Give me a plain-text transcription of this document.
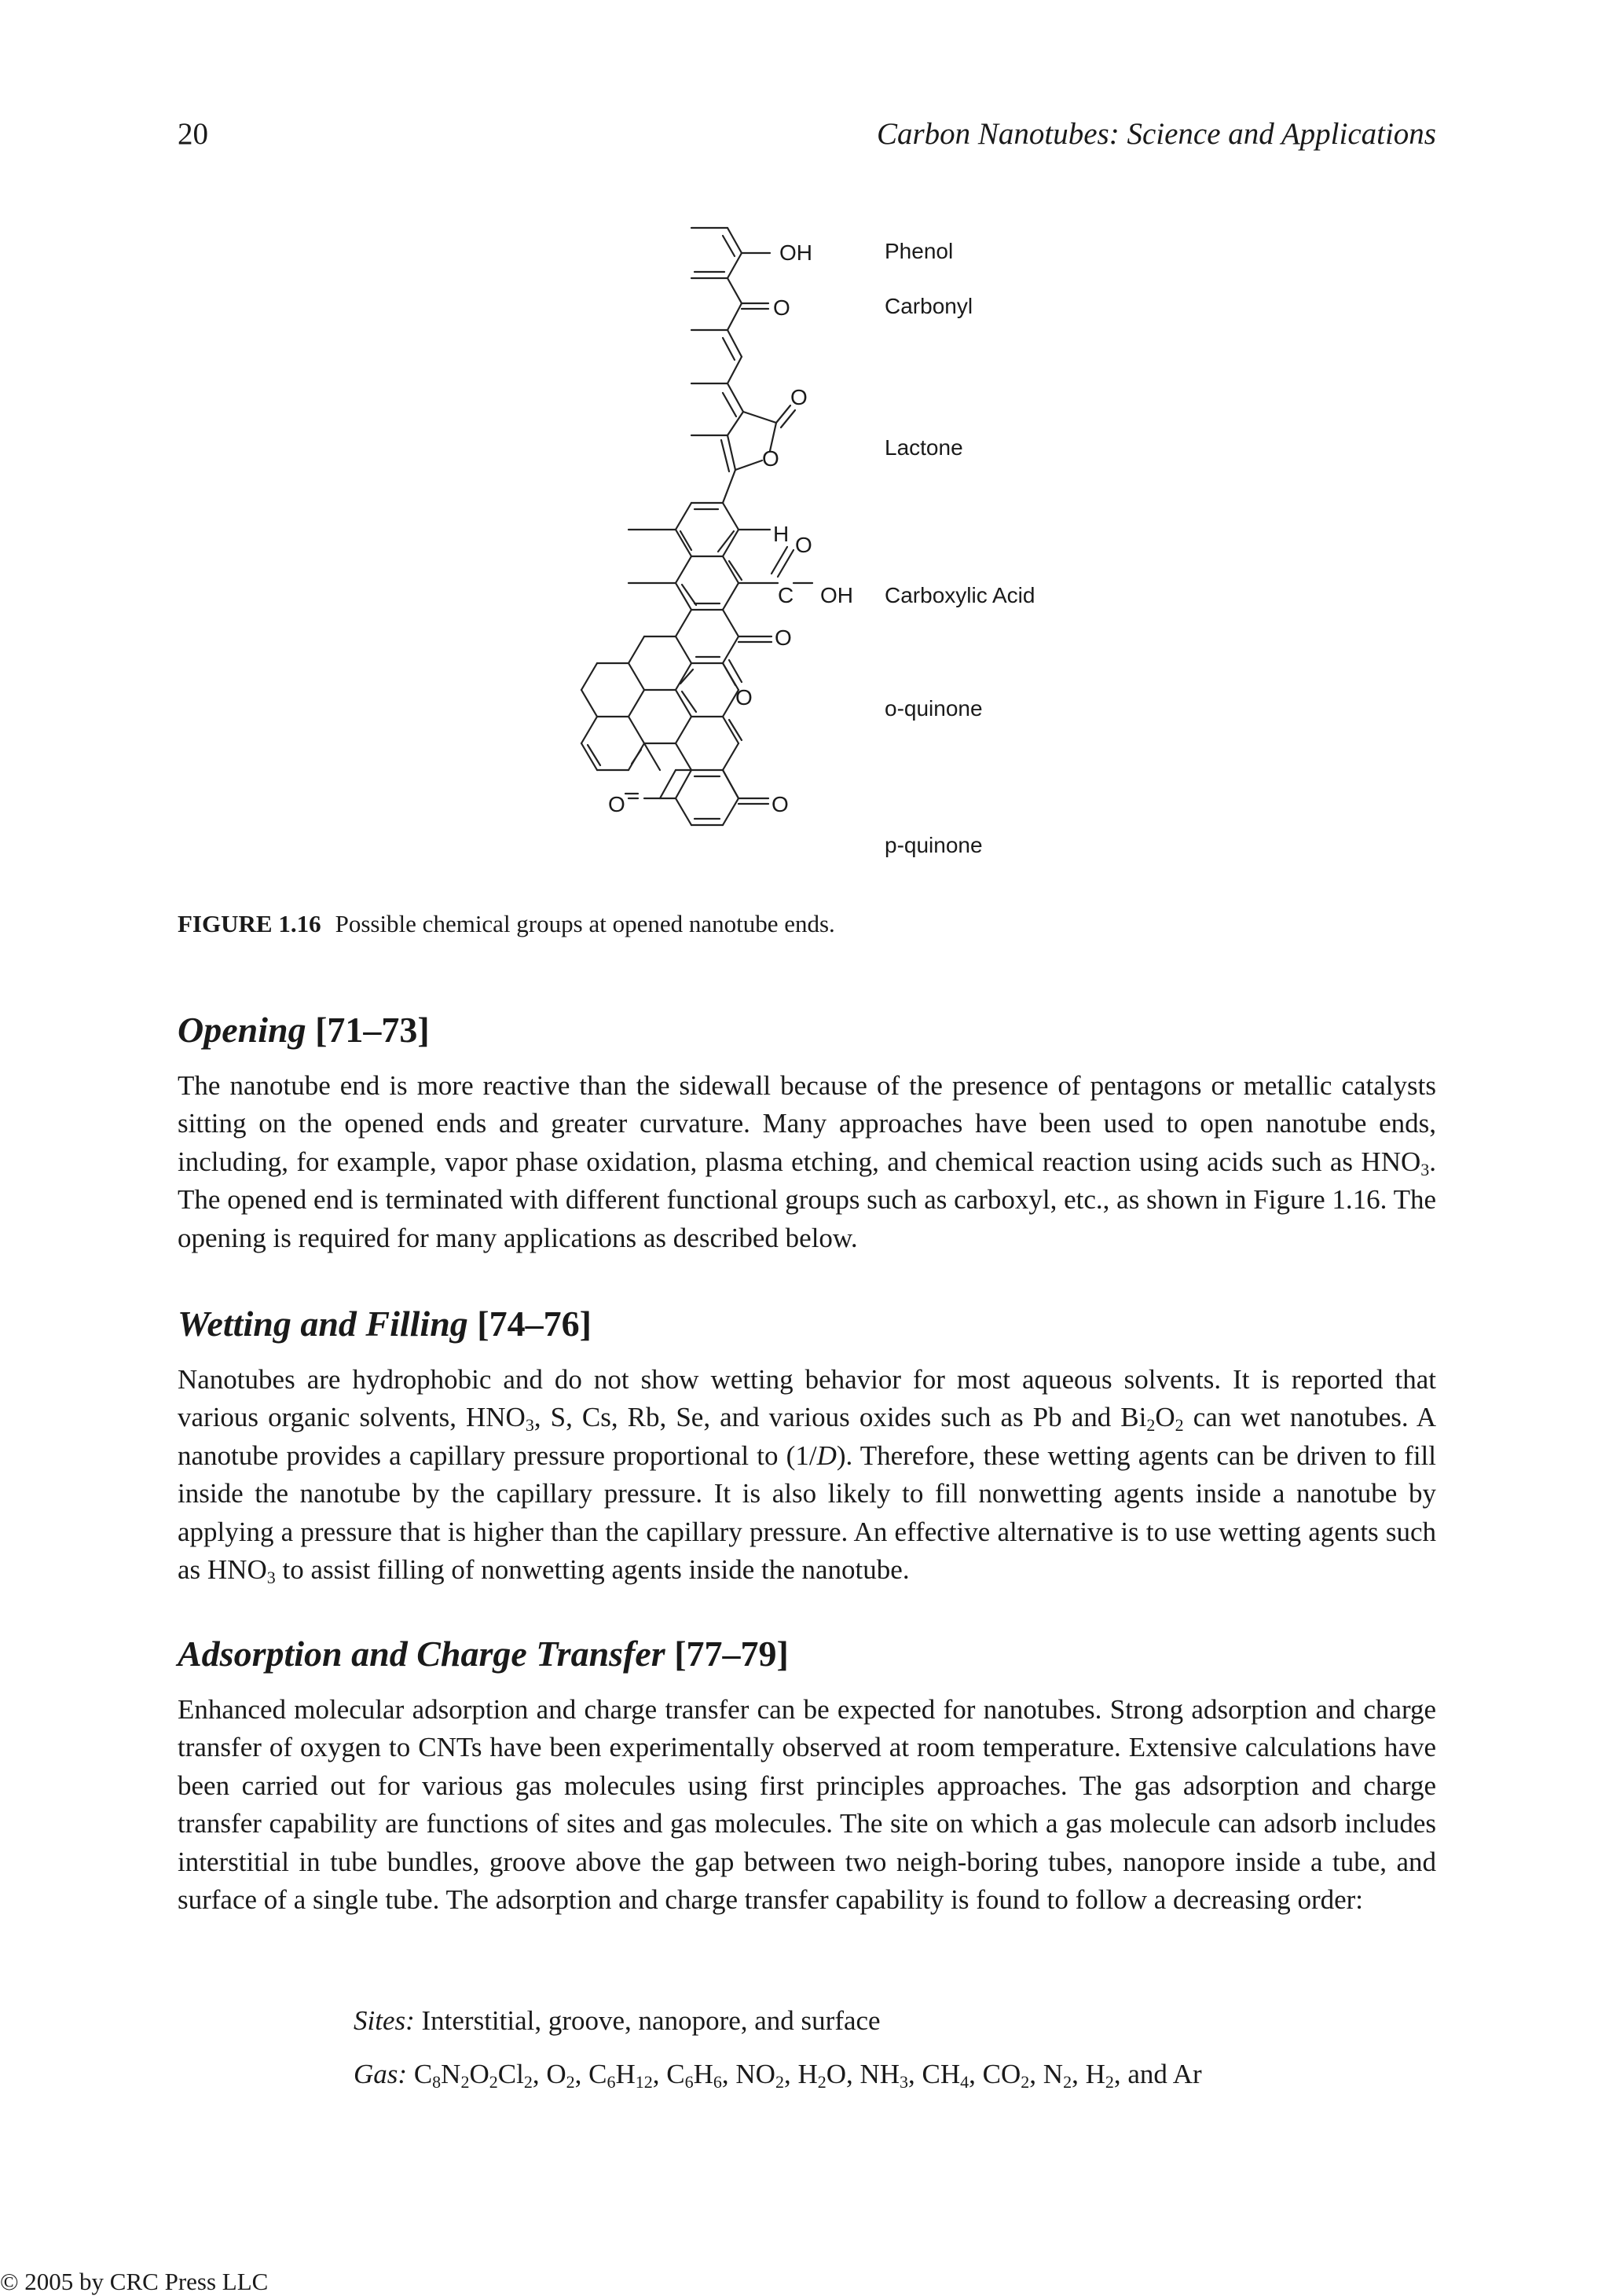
20	Carbon Nanotubes: Science and Applications
OH
O
O
O
H O
C OH
O
O
O	O
Phenol
Carbonyl
Lactone
Carboxylic Acid
o-quinone
p-quinone
FIGURE 1.16 Possible chemical groups at opened nanotube ends.
Opening [71–73]
The nanotube end is more reactive than the sidewall because of the presence of pentagons or metallic catalysts sitting on the opened ends and greater curvature. Many approaches have been used to open nanotube ends, including, for example, vapor phase oxidation, plasma etching, and chemical reaction using acids such as $HNO_3$. The opened end is terminated with different functional groups such as carboxyl, etc., as shown in Figure 1.16. The opening is required for many applications as described below.
Wetting and Filling [74–76]
Nanotubes are hydrophobic and do not show wetting behavior for most aqueous solvents. It is reported that various organic solvents, $HNO_3$, S, Cs, Rb, Se, and various oxides such as Pb and $Bi_2O_2$ can wet nanotubes. A nanotube provides a capillary pressure proportional to (1/D). Therefore, these wetting agents can be driven to fill inside the nanotube by the capillary pressure. It is also likely to fill nonwetting agents inside a nanotube by applying a pressure that is higher than the capillary pressure. An effective alternative is to use wetting agents such as $HNO_3$ to assist filling of nonwetting agents inside the nanotube.
Adsorption and Charge Transfer [77–79]
Enhanced molecular adsorption and charge transfer can be expected for nanotubes. Strong adsorption and charge transfer of oxygen to CNTs have been experimentally observed at room temperature. Extensive calculations have been carried out for various gas molecules using first principles approaches. The gas adsorption and charge transfer capability are functions of sites and gas molecules. The site on which a gas molecule can adsorb includes interstitial in tube bundles, groove above the gap between two neigh-boring tubes, nanopore inside a tube, and surface of a single tube. The adsorption and charge transfer capability is found to follow a decreasing order:
Sites: Interstitial, groove, nanopore, and surface
Gas: $C_8N_2O_2Cl_2$, $O_2$, $C_6H_{12}$, $C_6H_6$, $NO_2$, $H_2O$, $NH_3$, $CH_4$, $CO_2$, $N_2$, $H_2$, and Ar
© 2005 by CRC Press LLC
